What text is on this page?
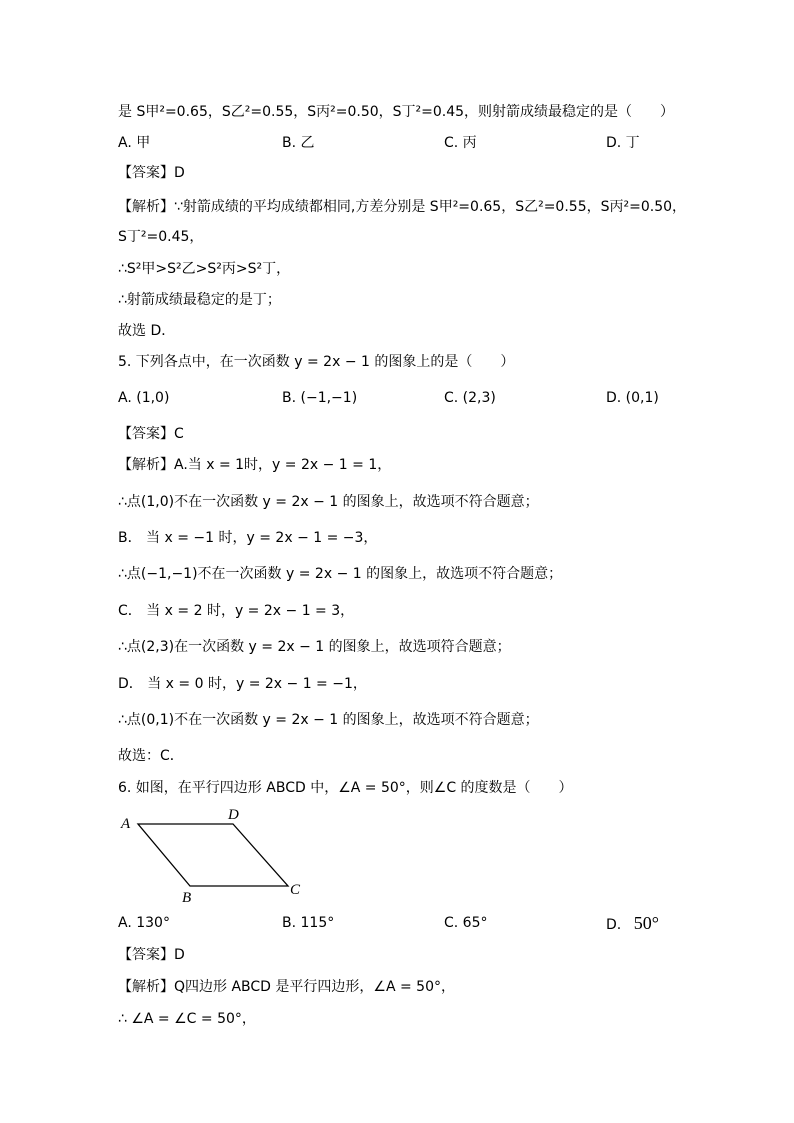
是 S甲²=0.65，S乙²=0.55，S丙²=0.50，S丁²=0.45，则射箭成绩最稳定的是（　　）
A. 甲	B. 乙	C. 丙	D. 丁
【答案】D
【解析】∵射箭成绩的平均成绩都相同,方差分别是 S甲²=0.65，S乙²=0.55，S丙²=0.50，
S丁²=0.45，
∴S²甲>S²乙>S²丙>S²丁，
∴射箭成绩最稳定的是丁；
故选 D．
5. 下列各点中，在一次函数 y = 2x − 1 的图象上的是（　　）
A. (1,0)	B. (−1,−1)	C. (2,3)	D. (0,1)
【答案】C
【解析】A.当 x = 1时，y = 2x − 1 = 1，
∴点(1,0)不在一次函数 y = 2x − 1 的图象上，故选项不符合题意；
B． 当 x = −1 时，y = 2x − 1 = −3，
∴点(−1,−1)不在一次函数 y = 2x − 1 的图象上，故选项不符合题意；
C． 当 x = 2 时，y = 2x − 1 = 3，
∴点(2,3)在一次函数 y = 2x − 1 的图象上，故选项符合题意；
D． 当 x = 0 时，y = 2x − 1 = −1，
∴点(0,1)不在一次函数 y = 2x − 1 的图象上，故选项不符合题意；
故选：C．
6. 如图，在平行四边形 ABCD 中，∠A = 50°，则∠C 的度数是（　　）
A
D
B	C
A. 130°	B. 115°	C. 65°	D. 50°
【答案】D
【解析】Q四边形 ABCD 是平行四边形，∠A = 50°，
∴ ∠A = ∠C = 50°，
